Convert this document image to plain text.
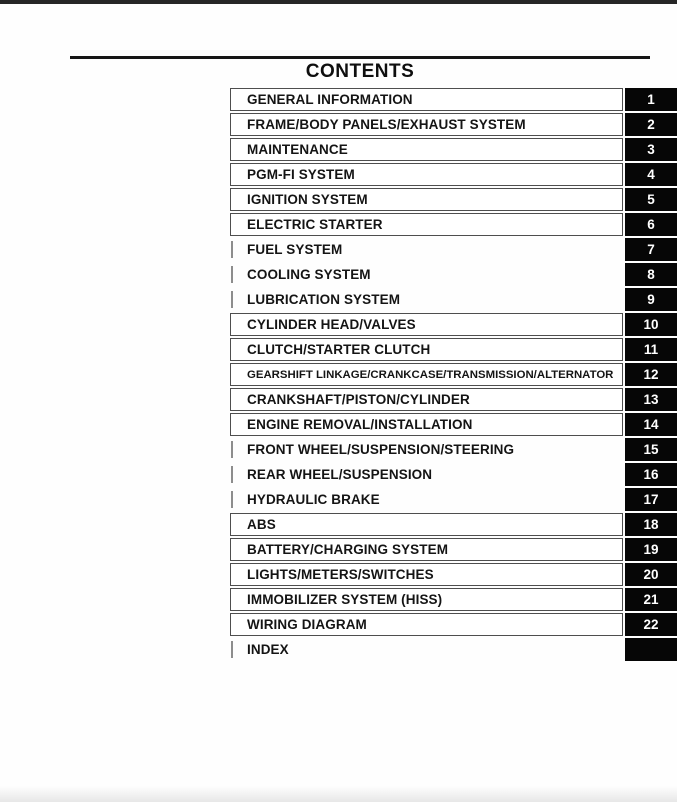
CONTENTS
GENERAL INFORMATION	1
FRAME/BODY PANELS/EXHAUST SYSTEM	2
MAINTENANCE	3
PGM-FI SYSTEM	4
IGNITION SYSTEM	5
ELECTRIC STARTER	6
FUEL SYSTEM	7
COOLING SYSTEM	8
LUBRICATION SYSTEM	9
CYLINDER HEAD/VALVES	10
CLUTCH/STARTER CLUTCH	11
GEARSHIFT LINKAGE/CRANKCASE/TRANSMISSION/ALTERNATOR 12
CRANKSHAFT/PISTON/CYLINDER	13
ENGINE REMOVAL/INSTALLATION	14
FRONT WHEEL/SUSPENSION/STEERING	15
REAR WHEEL/SUSPENSION	16
HYDRAULIC BRAKE	17
ABS	18
BATTERY/CHARGING SYSTEM	19
LIGHTS/METERS/SWITCHES	20
IMMOBILIZER SYSTEM (HISS)	21
WIRING DIAGRAM	22
INDEX
